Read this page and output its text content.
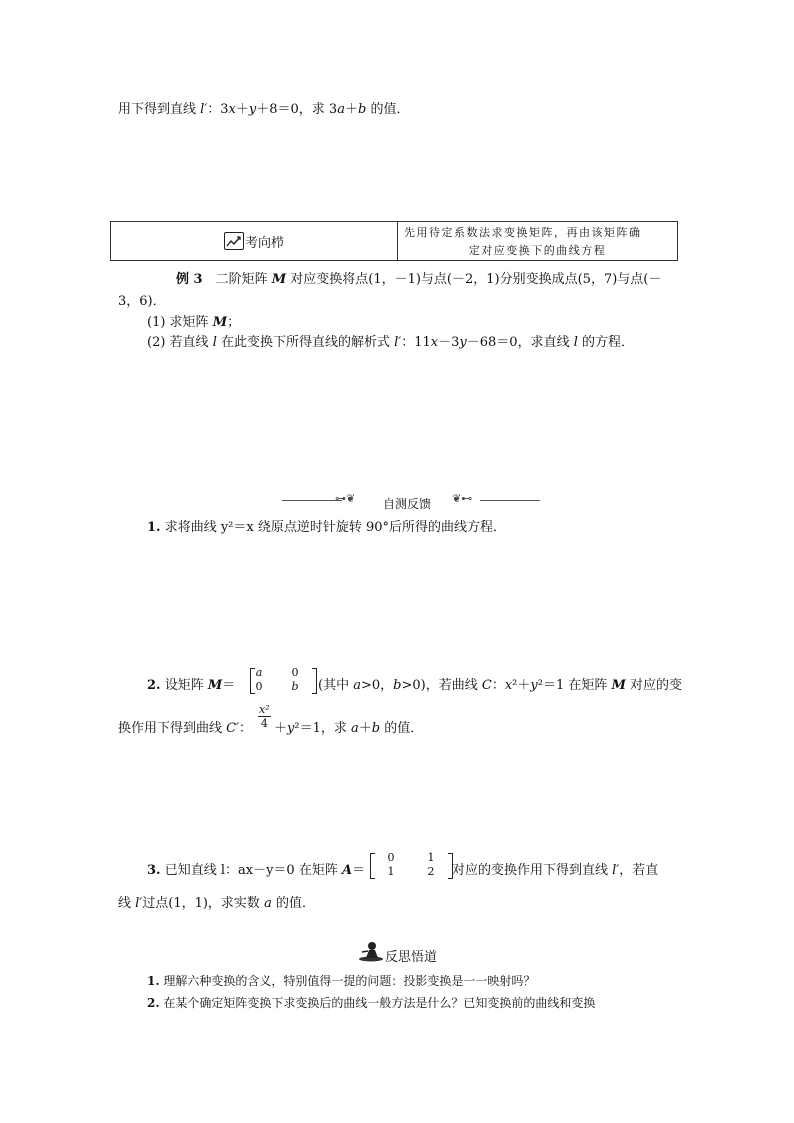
用下得到直线 l′：3x＋y＋8＝0，求 3a＋b 的值．
考向栉
先用待定系数法求变换矩阵，再由该矩阵确
定对应变换下的曲线方程
例 3　二阶矩阵 M 对应变换将点(1，－1)与点(－2，1)分别变换成点(5，7)与点(－
3，6)．
(1) 求矩阵 M；
(2) 若直线 l 在此变换下所得直线的解析式 l′：11x－3y－68＝0，求直线 l 的方程．
⊶❦ 自测反馈 ❦⊷
1. 求将曲线 y²＝x 绕原点逆时针旋转 90°后所得的曲线方程．
2. 设矩阵 M＝
a	0
0	b (其中 a>0，b>0)，若曲线 C：x²＋y²＝1 在矩阵 M 对应的变
换作用下得到曲线 C′： $\frac{\text{x²}}{4} +y^2=1$，求 a＋b 的值．
3. 已知直线 l：ax－y＝0 在矩阵 A＝
0	1
1	2 对应的变换作用下得到直线 l′，若直
线 l′过点(1，1)，求实数 a 的值．
反思悟道
1. 理解六种变换的含义，特别值得一提的问题：投影变换是一一映射吗？
2. 在某个确定矩阵变换下求变换后的曲线一般方法是什么？已知变换前的曲线和变换
